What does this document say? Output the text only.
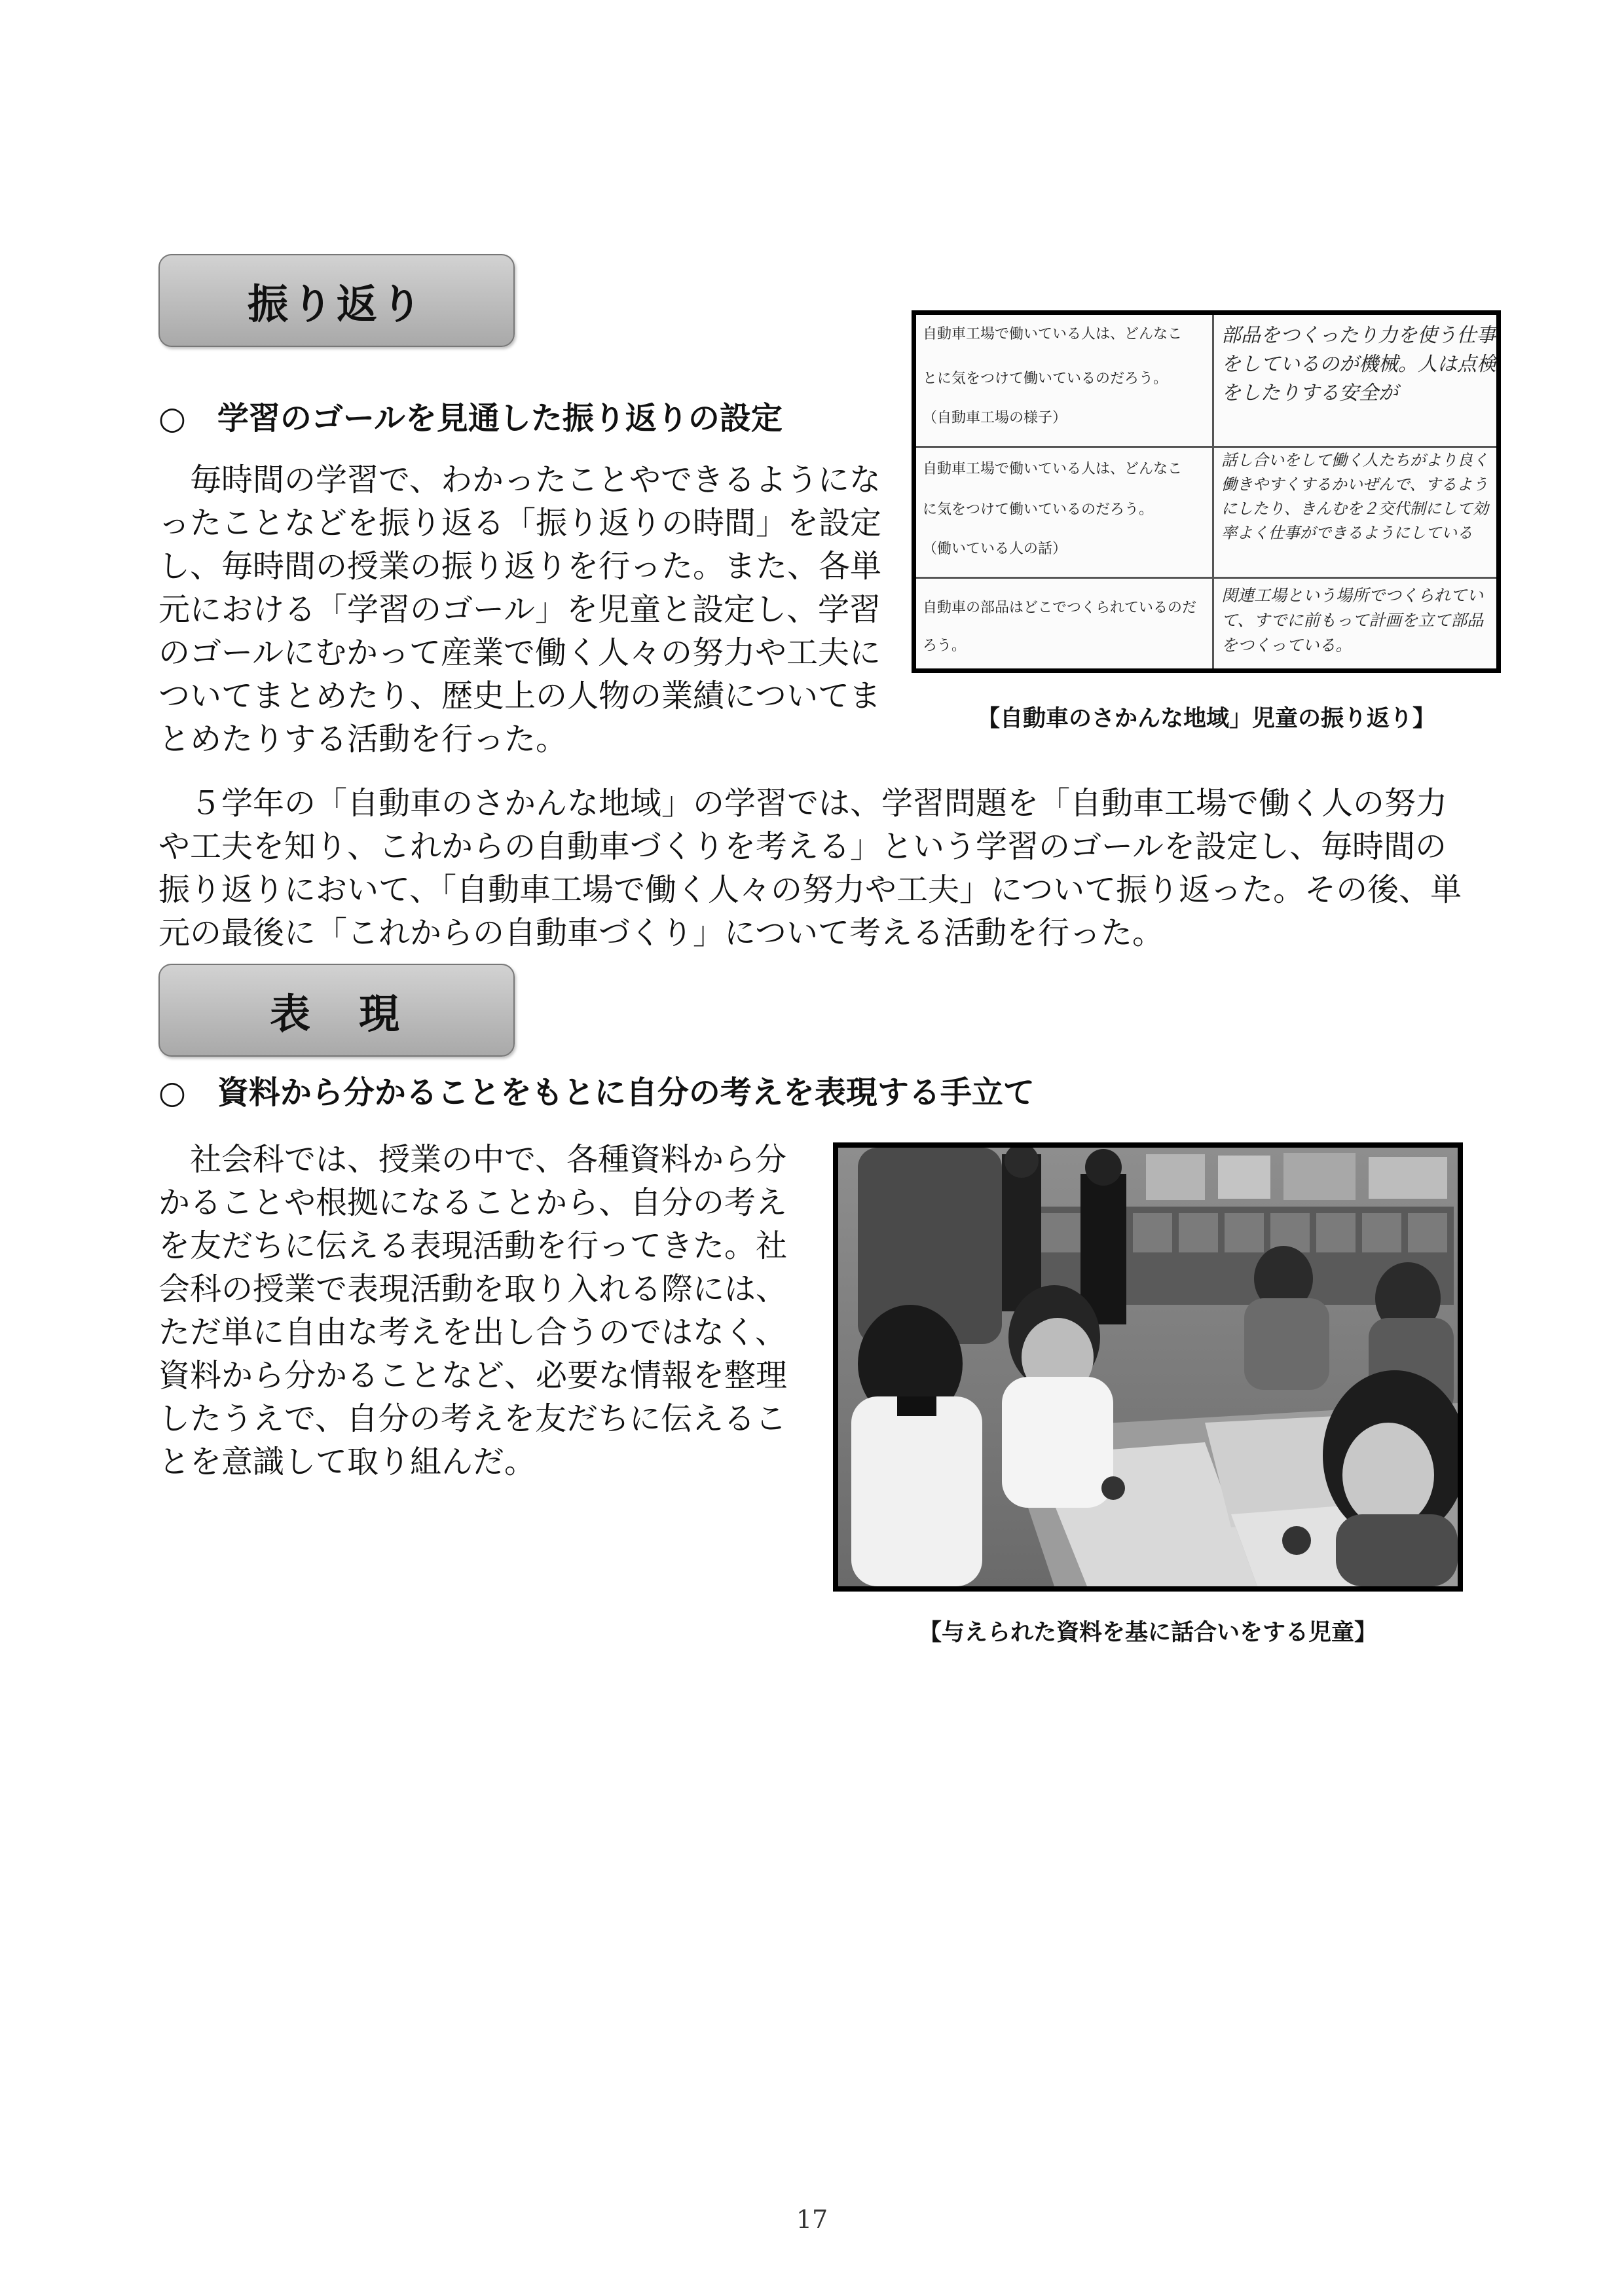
振り返り
○　学習のゴールを見通した振り返りの設定

　毎時間の学習で、わかったことやできるようになったことなどを振り返る「振り返りの時間」を設定し、毎時間の授業の振り返りを行った。また、各単元における「学習のゴール」を児童と設定し、学習のゴールにむかって産業で働く人々の努力や工夫についてまとめたり、歴史上の人物の業績についてまとめたりする活動を行った。

　５学年の「自動車のさかんな地域」の学習では、学習問題を「自動車工場で働く人の努力や工夫を知り、これからの自動車づくりを考える」という学習のゴールを設定し、毎時間の振り返りにおいて、「自動車工場で働く人々の努力や工夫」について振り返った。その後、単元の最後に「これからの自動車づくり」について考える活動を行った。

自動車工場で働いている人は、どんなこ
とに気をつけて働いているのだろう。
（自動車工場の様子）
部品をつくったり力を使う仕事をしているのが機械。人は点検をしたりする安全が
自動車工場で働いている人は、どんなこ
に気をつけて働いているのだろう。
（働いている人の話）
話し合いをして働く人たちがより良く働きやすくするかいぜんで、するようにしたり、きんむを２交代制にして効率よく仕事ができるようにしている
自動車の部品はどこでつくられているのだ
ろう。
関連工場という場所でつくられていて、すでに前もって計画を立て部品をつくっている。
【自動車のさかんな地域」児童の振り返り】
表　現
○　資料から分かることをもとに自分の考えを表現する手立て

　社会科では、授業の中で、各種資料から分かることや根拠になることから、自分の考えを友だちに伝える表現活動を行ってきた。社会科の授業で表現活動を取り入れる際には、ただ単に自由な考えを出し合うのではなく、資料から分かることなど、必要な情報を整理したうえで、自分の考えを友だちに伝えることを意識して取り組んだ。

【与えられた資料を基に話合いをする児童】
17
